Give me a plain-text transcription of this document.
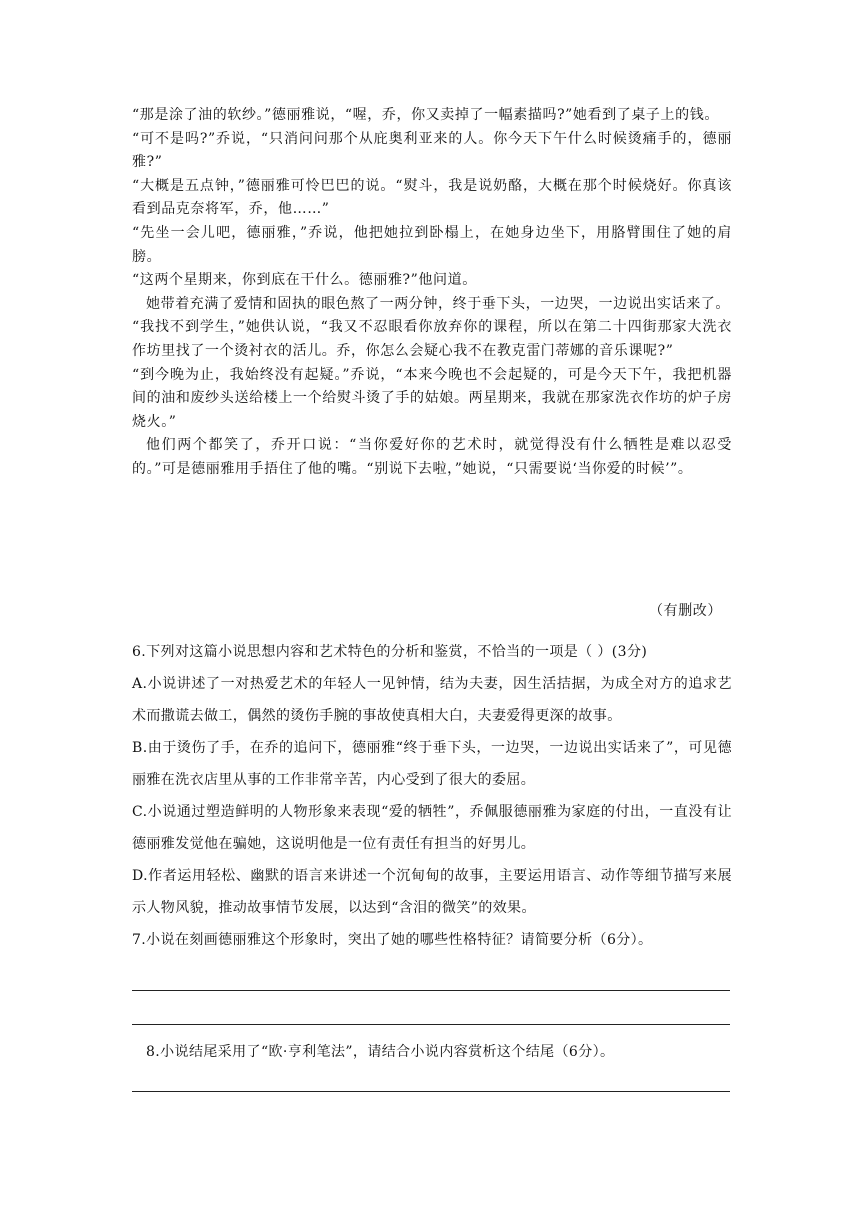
“那是涂了油的软纱。”德丽雅说，“喔，乔，你又卖掉了一幅素描吗?”她看到了桌子上的钱。

“可不是吗?”乔说，“只消问问那个从庇奥利亚来的人。你今天下午什么时候烫痛手的，德丽雅?”

“大概是五点钟，”德丽雅可怜巴巴的说。“熨斗，我是说奶酪，大概在那个时候烧好。你真该看到品克奈将军，乔，他……”

“先坐一会儿吧，德丽雅，”乔说，他把她拉到卧榻上，在她身边坐下，用胳臂围住了她的肩膀。

“这两个星期来，你到底在干什么。德丽雅?”他问道。

她带着充满了爱情和固执的眼色熬了一两分钟，终于垂下头，一边哭，一边说出实话来了。

“我找不到学生，”她供认说，“我又不忍眼看你放弃你的课程，所以在第二十四街那家大洗衣作坊里找了一个烫衬衣的活儿。乔，你怎么会疑心我不在教克雷门蒂娜的音乐课呢?”

“到今晚为止，我始终没有起疑。”乔说，“本来今晚也不会起疑的，可是今天下午，我把机器间的油和废纱头送给楼上一个给熨斗烫了手的姑娘。两星期来，我就在那家洗衣作坊的炉子房烧火。”

他们两个都笑了，乔开口说：“当你爱好你的艺术时，就觉得没有什么牺牲是难以忍受的。”可是德丽雅用手捂住了他的嘴。“别说下去啦，”她说，“只需要说‘当你爱的时候’”。

（有删改）

6.下列对这篇小说思想内容和艺术特色的分析和鉴赏，不恰当的一项是（ ）(3分)

A.小说讲述了一对热爱艺术的年轻人一见钟情，结为夫妻，因生活拮据，为成全对方的追求艺术而撒谎去做工，偶然的烫伤手腕的事故使真相大白，夫妻爱得更深的故事。

B.由于烫伤了手，在乔的追问下，德丽雅“终于垂下头，一边哭，一边说出实话来了”，可见德丽雅在洗衣店里从事的工作非常辛苦，内心受到了很大的委屈。

C.小说通过塑造鲜明的人物形象来表现“爱的牺牲”，乔佩服德丽雅为家庭的付出，一直没有让德丽雅发觉他在骗她，这说明他是一位有责任有担当的好男儿。

D.作者运用轻松、幽默的语言来讲述一个沉甸甸的故事，主要运用语言、动作等细节描写来展示人物风貌，推动故事情节发展，以达到“含泪的微笑”的效果。

7.小说在刻画德丽雅这个形象时，突出了她的哪些性格特征？请简要分析（6分）。

8.小说结尾采用了“欧·亨利笔法”，请结合小说内容赏析这个结尾（6分）。
